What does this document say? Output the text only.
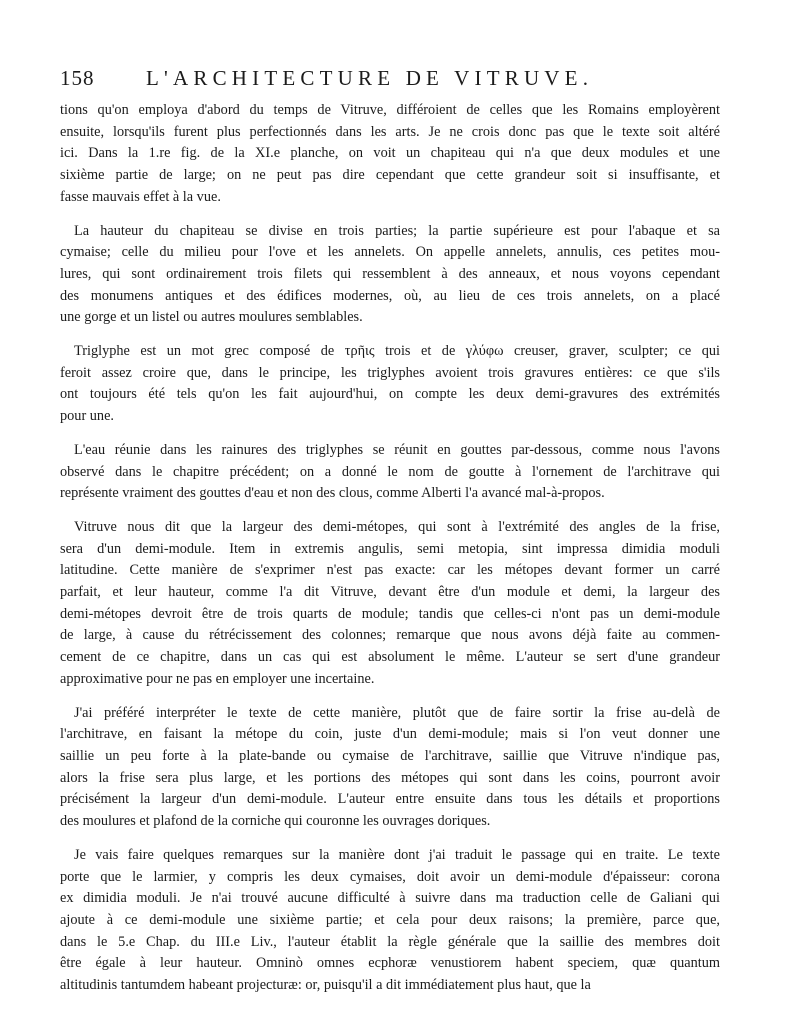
158 L'ARCHITECTURE DE VITRUVE.
tions qu'on employa d'abord du temps de Vitruve, différoient de celles que les Romains employèrent
ensuite, lorsqu'ils furent plus perfectionnés dans les arts. Je ne crois donc pas que le texte soit altéré
ici. Dans la 1.re fig. de la XI.e planche, on voit un chapiteau qui n'a que deux modules et une
sixième partie de large; on ne peut pas dire cependant que cette grandeur soit si insuffisante, et
fasse mauvais effet à la vue.
La hauteur du chapiteau se divise en trois parties; la partie supérieure est pour l'abaque et sa
cymaise; celle du milieu pour l'ove et les annelets. On appelle annelets, annulis, ces petites mou-
lures, qui sont ordinairement trois filets qui ressemblent à des anneaux, et nous voyons cependant
des monumens antiques et des édifices modernes, où, au lieu de ces trois annelets, on a placé
une gorge et un listel ou autres moulures semblables.
Triglyphe est un mot grec composé de τρῆις trois et de γλύφω creuser, graver, sculpter; ce qui
feroit assez croire que, dans le principe, les triglyphes avoient trois gravures entières: ce que s'ils
ont toujours été tels qu'on les fait aujourd'hui, on compte les deux demi-gravures des extrémités
pour une.
L'eau réunie dans les rainures des triglyphes se réunit en gouttes par-dessous, comme nous l'avons
observé dans le chapitre précédent; on a donné le nom de goutte à l'ornement de l'architrave qui
représente vraiment des gouttes d'eau et non des clous, comme Alberti l'a avancé mal-à-propos.
Vitruve nous dit que la largeur des demi-métopes, qui sont à l'extrémité des angles de la frise,
sera d'un demi-module. Item in extremis angulis, semi metopia, sint impressa dimidia moduli
latitudine. Cette manière de s'exprimer n'est pas exacte: car les métopes devant former un carré
parfait, et leur hauteur, comme l'a dit Vitruve, devant être d'un module et demi, la largeur des
demi-métopes devroit être de trois quarts de module; tandis que celles-ci n'ont pas un demi-module
de large, à cause du rétrécissement des colonnes; remarque que nous avons déjà faite au commen-
cement de ce chapitre, dans un cas qui est absolument le même. L'auteur se sert d'une grandeur
approximative pour ne pas en employer une incertaine.
J'ai préféré interpréter le texte de cette manière, plutôt que de faire sortir la frise au-delà de
l'architrave, en faisant la métope du coin, juste d'un demi-module; mais si l'on veut donner une
saillie un peu forte à la plate-bande ou cymaise de l'architrave, saillie que Vitruve n'indique pas,
alors la frise sera plus large, et les portions des métopes qui sont dans les coins, pourront avoir
précisément la largeur d'un demi-module. L'auteur entre ensuite dans tous les détails et proportions
des moulures et plafond de la corniche qui couronne les ouvrages doriques.
Je vais faire quelques remarques sur la manière dont j'ai traduit le passage qui en traite. Le texte
porte que le larmier, y compris les deux cymaises, doit avoir un demi-module d'épaisseur: corona
ex dimidia moduli. Je n'ai trouvé aucune difficulté à suivre dans ma traduction celle de Galiani qui
ajoute à ce demi-module une sixième partie; et cela pour deux raisons; la première, parce que,
dans le 5.e Chap. du III.e Liv., l'auteur établit la règle générale que la saillie des membres doit
être égale à leur hauteur. Omninò omnes ecphoræ venustiorem habent speciem, quæ quantum
altitudinis tantumdem habeant projecturæ: or, puisqu'il a dit immédiatement plus haut, que la
